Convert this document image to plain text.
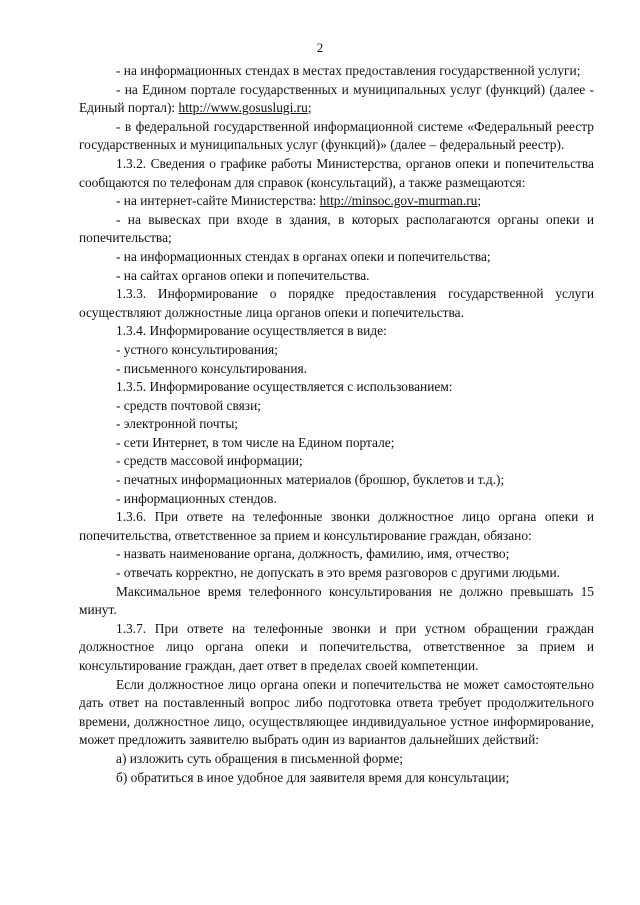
2

- на информационных стендах в местах предоставления государственной услуги;

- на Едином портале государственных и муниципальных услуг (функций) (далее - Единый портал): http://www.gosuslugi.ru;

- в федеральной государственной информационной системе «Федеральный реестр государственных и муниципальных услуг (функций)» (далее – федеральный реестр).

1.3.2. Сведения о графике работы Министерства, органов опеки и попечительства сообщаются по телефонам для справок (консультаций), а также размещаются:

- на интернет-сайте Министерства: http://minsoc.gov-murman.ru;

- на вывесках при входе в здания, в которых располагаются органы опеки и попечительства;

- на информационных стендах в органах опеки и попечительства;

- на сайтах органов опеки и попечительства.

1.3.3. Информирование о порядке предоставления государственной услуги осуществляют должностные лица органов опеки и попечительства.

1.3.4. Информирование осуществляется в виде:

- устного консультирования;

- письменного консультирования.

1.3.5. Информирование осуществляется с использованием:

- средств почтовой связи;

- электронной почты;

- сети Интернет, в том числе на Едином портале;

- средств массовой информации;

- печатных информационных материалов (брошюр, буклетов и т.д.);

- информационных стендов.

1.3.6. При ответе на телефонные звонки должностное лицо органа опеки и попечительства, ответственное за прием и консультирование граждан, обязано:

- назвать наименование органа, должность, фамилию, имя, отчество;

- отвечать корректно, не допускать в это время разговоров с другими людьми.

Максимальное время телефонного консультирования не должно превышать 15 минут.

1.3.7. При ответе на телефонные звонки и при устном обращении граждан должностное лицо органа опеки и попечительства, ответственное за прием и консультирование граждан, дает ответ в пределах своей компетенции.

Если должностное лицо органа опеки и попечительства не может самостоятельно дать ответ на поставленный вопрос либо подготовка ответа требует продолжительного времени, должностное лицо, осуществляющее индивидуальное устное информирование, может предложить заявителю выбрать один из вариантов дальнейших действий:

а) изложить суть обращения в письменной форме;

б) обратиться в иное удобное для заявителя время для консультации;
